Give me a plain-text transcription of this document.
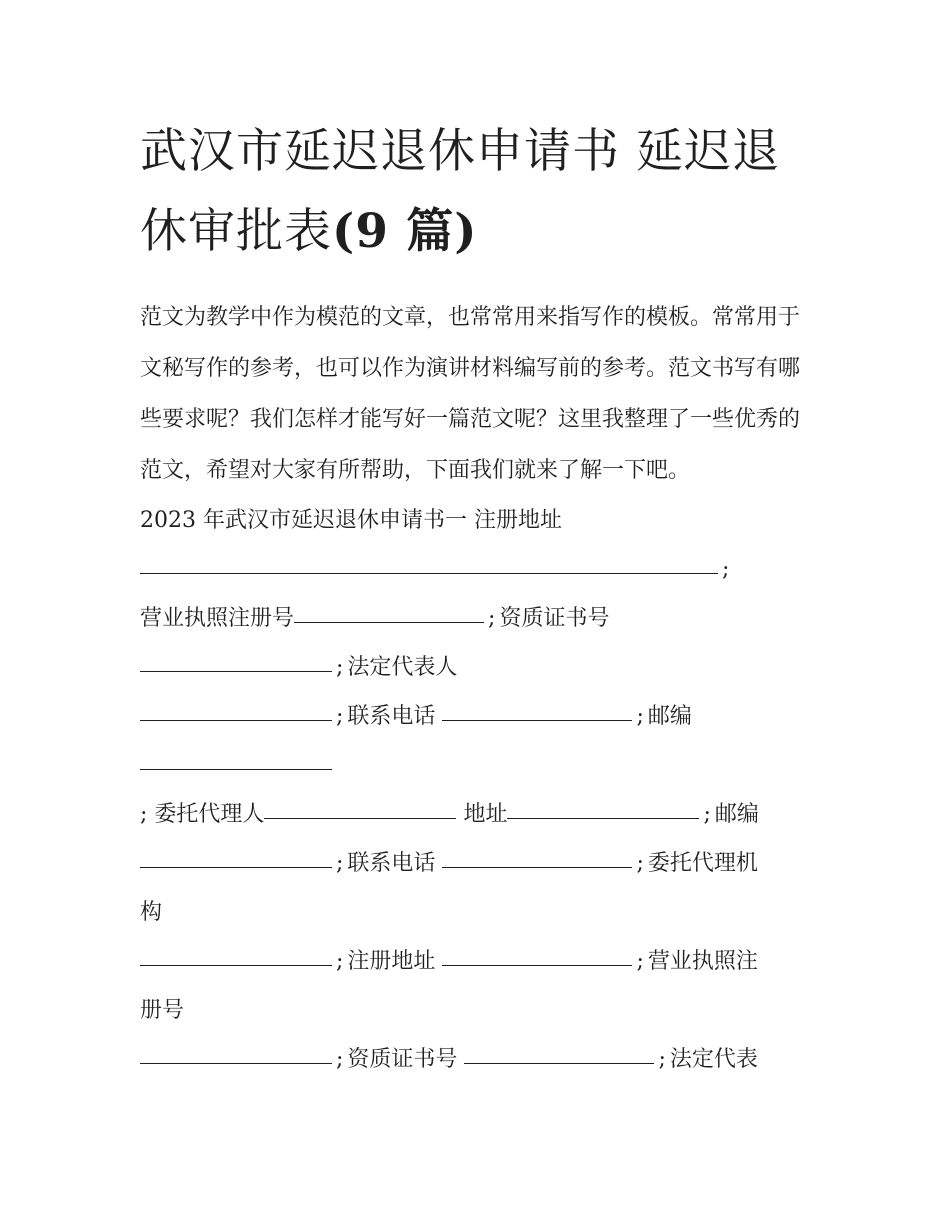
武汉市延迟退休申请书 延迟退休审批表(9 篇)

范文为教学中作为模范的文章，也常常用来指写作的模板。常常用于文秘写作的参考，也可以作为演讲材料编写前的参考。范文书写有哪些要求呢？我们怎样才能写好一篇范文呢？这里我整理了一些优秀的范文，希望对大家有所帮助，下面我们就来了解一下吧。

2023 年武汉市延迟退休申请书一 注册地址
;
营业执照注册号	; 资质证书号
; 法定代表人
; 联系电话	; 邮编
; 委托代理人	地址	; 邮编
; 联系电话	; 委托代理机
构
; 注册地址	; 营业执照注
册号
; 资质证书号	; 法定代表
